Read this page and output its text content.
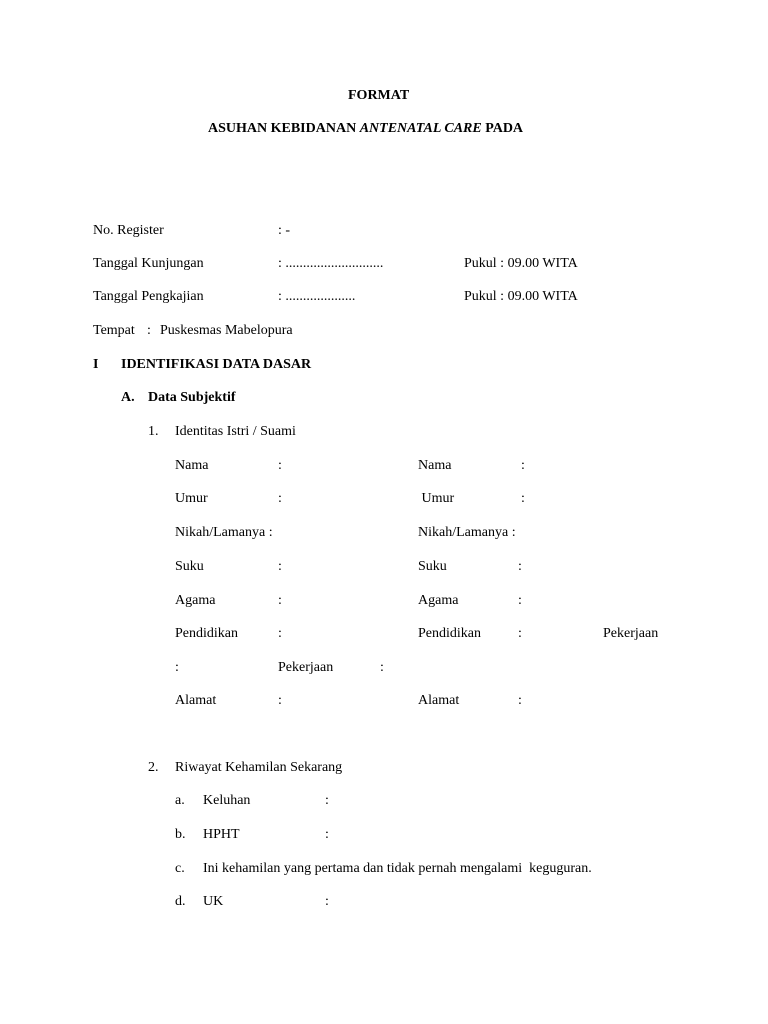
FORMAT
ASUHAN KEBIDANAN ANTENATAL CARE PADA
No. Register	: -
Tanggal Kunjungan	: ............................	Pukul : 09.00 WITA
Tanggal Pengkajian	: ....................	Pukul : 09.00 WITA
Tempat : Puskesmas Mabelopura
I IDENTIFIKASI DATA DASAR
A. Data Subjektif
1. Identitas Istri / Suami
Nama	:	Nama	:
Umur	:	Umur	:
Nikah/Lamanya :	Nikah/Lamanya :
Suku	:	Suku	:
Agama	:	Agama	:
Pendidikan	:	Pendidikan	:	Pekerjaan
:	Pekerjaan	:
Alamat	:	Alamat	:
2. Riwayat Kehamilan Sekarang
a. Keluhan	:
b. HPHT	:
c. Ini kehamilan yang pertama dan tidak pernah mengalami  keguguran.
d. UK	:
